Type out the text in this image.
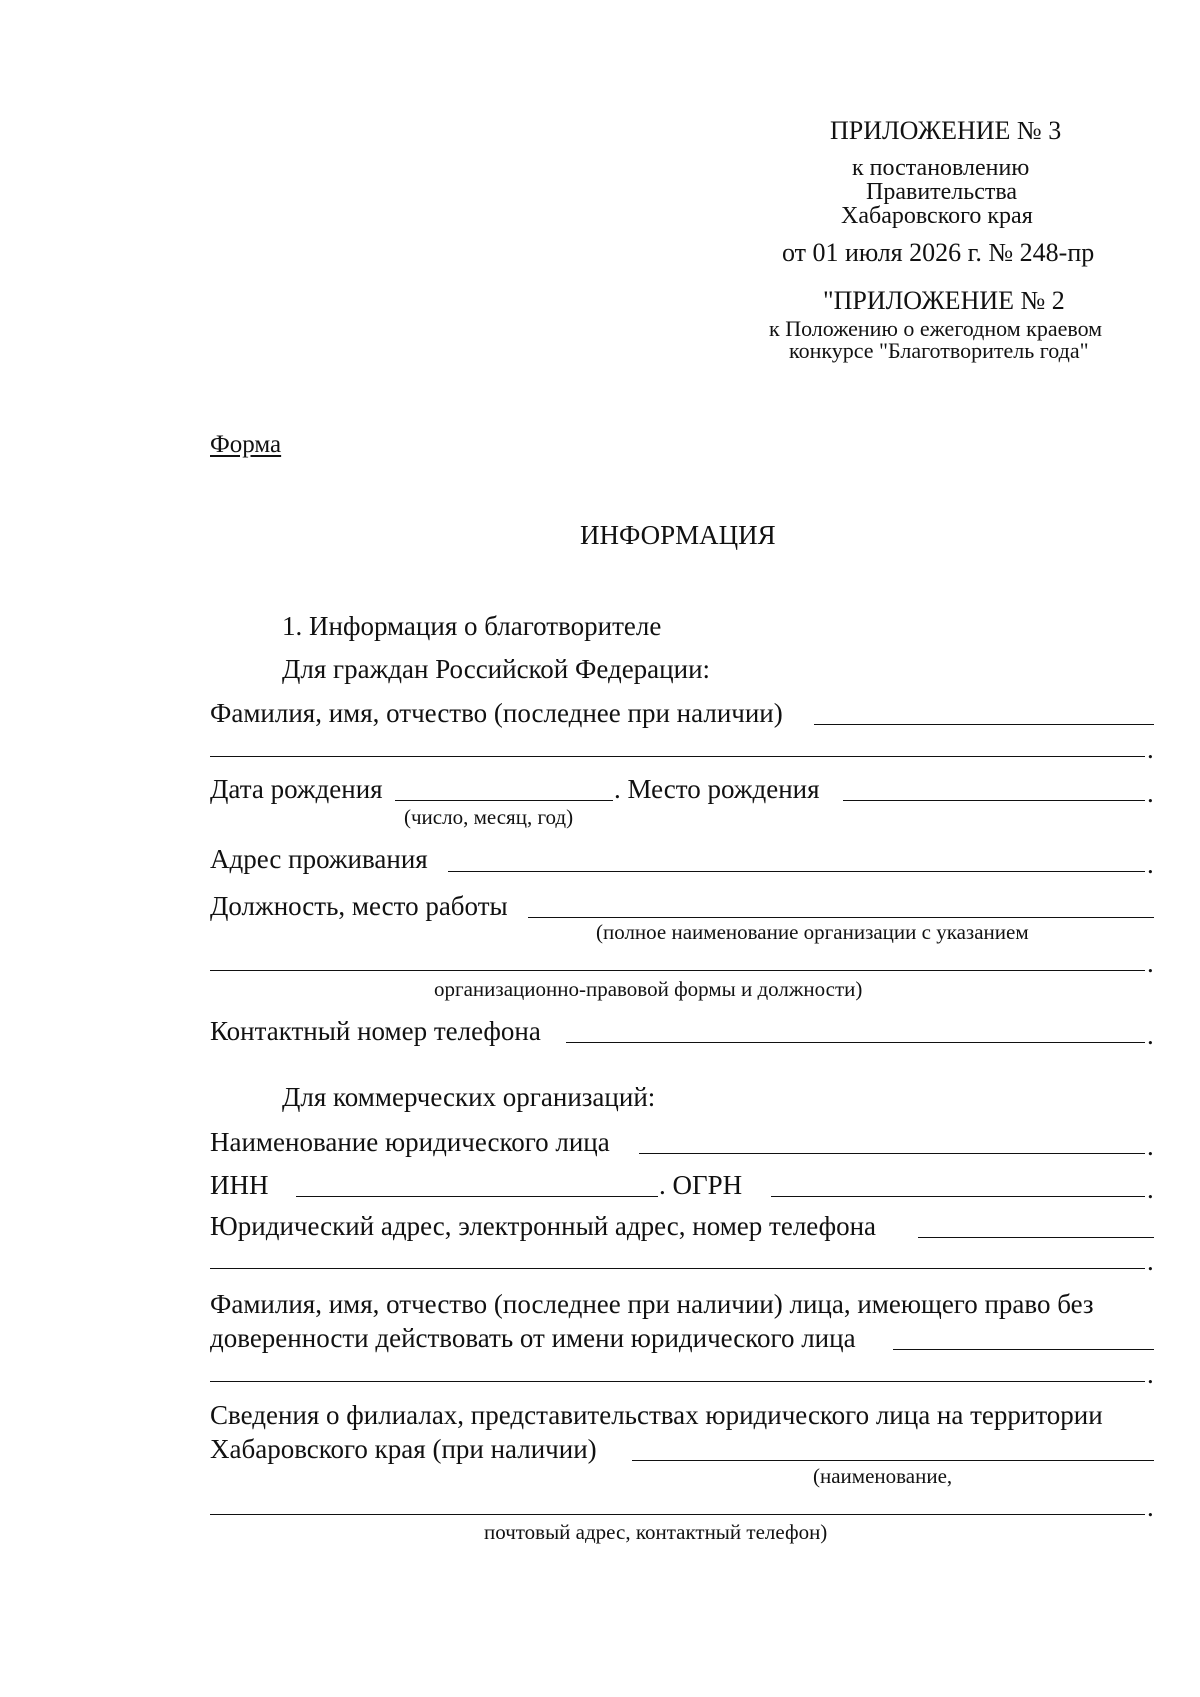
ПРИЛОЖЕНИЕ № 3
к постановлению
Правительства
Хабаровского края
от 01 июля 2026 г. № 248-пр
"ПРИЛОЖЕНИЕ № 2
к Положению о ежегодном краевом
конкурсе "Благотворитель года"
Форма
ИНФОРМАЦИЯ
1. Информация о благотворителе
Для граждан Российской Федерации:
Фамилия, имя, отчество (последнее при наличии)
.
Дата рождения	. Место рождения	.
(число, месяц, год)
Адрес проживания	.
Должность, место работы
(полное наименование организации с указанием
.
организационно-правовой формы и должности)
Контактный номер телефона	.
Для коммерческих организаций:
Наименование юридического лица	.
ИНН	. ОГРН	.
Юридический адрес, электронный адрес, номер телефона
.
Фамилия, имя, отчество (последнее при наличии) лица, имеющего право без
доверенности действовать от имени юридического лица
.
Сведения о филиалах, представительствах юридического лица на территории
Хабаровского края (при наличии)
(наименование,
.
почтовый адрес, контактный телефон)
